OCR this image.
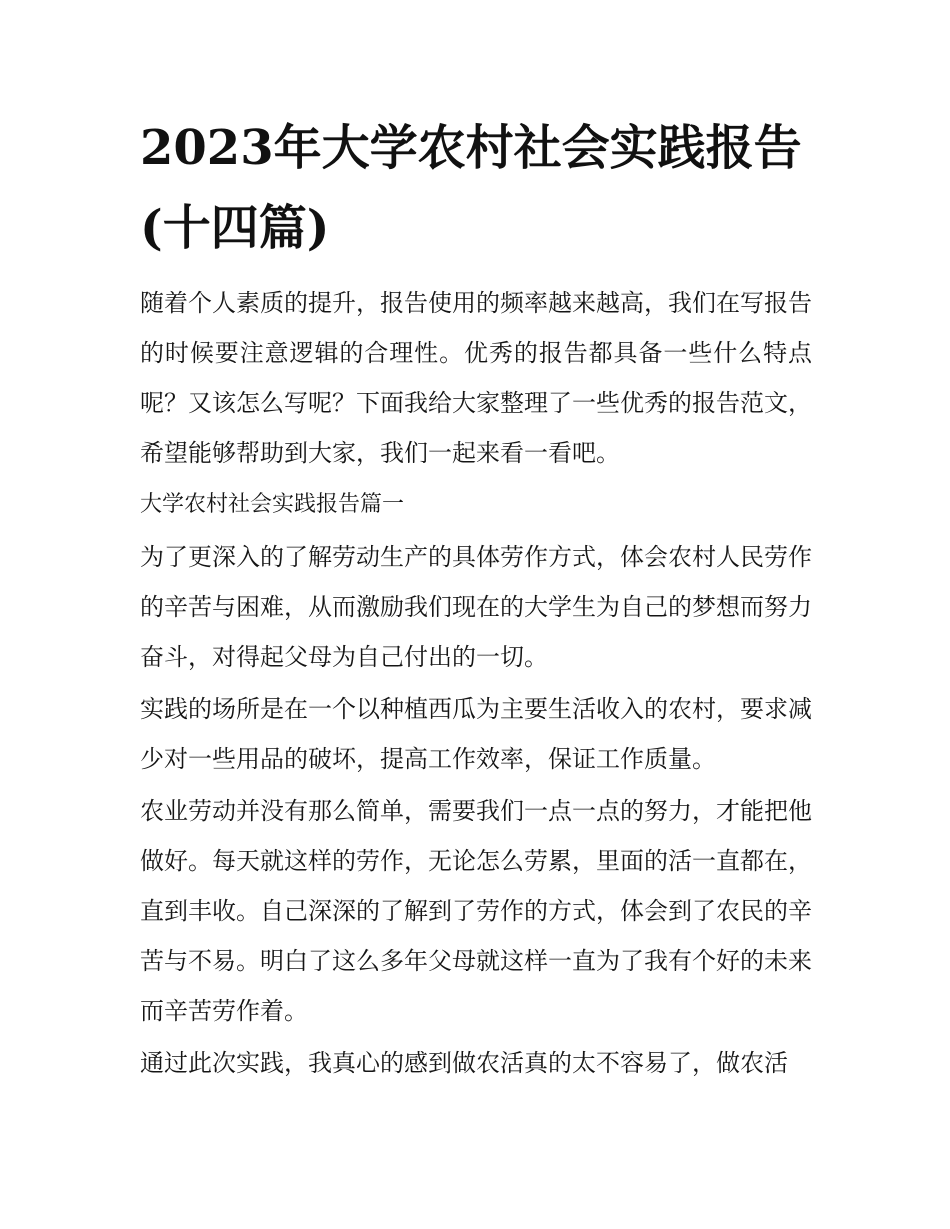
2023年大学农村社会实践报告(十四篇)

随着个人素质的提升，报告使用的频率越来越高，我们在写报告的时候要注意逻辑的合理性。优秀的报告都具备一些什么特点呢？又该怎么写呢？下面我给大家整理了一些优秀的报告范文，希望能够帮助到大家，我们一起来看一看吧。

大学农村社会实践报告篇一

为了更深入的了解劳动生产的具体劳作方式，体会农村人民劳作的辛苦与困难，从而激励我们现在的大学生为自己的梦想而努力奋斗，对得起父母为自己付出的一切。

实践的场所是在一个以种植西瓜为主要生活收入的农村，要求减少对一些用品的破坏，提高工作效率，保证工作质量。

农业劳动并没有那么简单，需要我们一点一点的努力，才能把他做好。每天就这样的劳作，无论怎么劳累，里面的活一直都在，直到丰收。自己深深的了解到了劳作的方式，体会到了农民的辛苦与不易。明白了这么多年父母就这样一直为了我有个好的未来而辛苦劳作着。

通过此次实践，我真心的感到做农活真的太不容易了，做农活
